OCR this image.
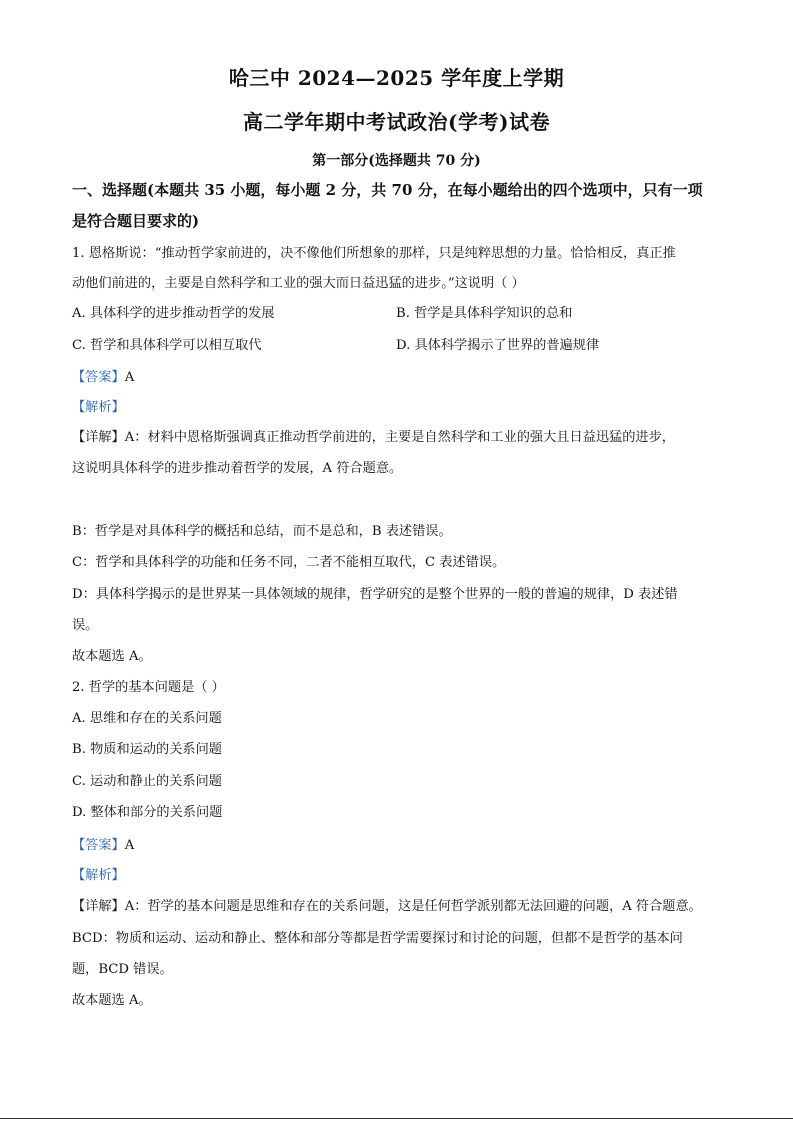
哈三中 2024—2025 学年度上学期
高二学年期中考试政治(学考)试卷
第一部分(选择题共 70 分)
一、选择题(本题共 35 小题，每小题 2 分，共 70 分，在每小题给出的四个选项中，只有一项
是符合题目要求的)
1. 恩格斯说：“推动哲学家前进的，决不像他们所想象的那样，只是纯粹思想的力量。恰恰相反，真正推
动他们前进的，主要是自然科学和工业的强大而日益迅猛的进步。”这说明（ ）
A. 具体科学的进步推动哲学的发展	B. 哲学是具体科学知识的总和
C. 哲学和具体科学可以相互取代	D. 具体科学揭示了世界的普遍规律
【答案】A
【解析】
【详解】A：材料中恩格斯强调真正推动哲学前进的，主要是自然科学和工业的强大且日益迅猛的进步，
这说明具体科学的进步推动着哲学的发展，A 符合题意。
B：哲学是对具体科学的概括和总结，而不是总和，B 表述错误。
C：哲学和具体科学的功能和任务不同，二者不能相互取代，C 表述错误。
D：具体科学揭示的是世界某一具体领域的规律，哲学研究的是整个世界的一般的普遍的规律，D 表述错
误。
故本题选 A。
2. 哲学的基本问题是（ ）
A. 思维和存在的关系问题
B. 物质和运动的关系问题
C. 运动和静止的关系问题
D. 整体和部分的关系问题
【答案】A
【解析】
【详解】A：哲学的基本问题是思维和存在的关系问题，这是任何哲学派别都无法回避的问题，A 符合题意。
BCD：物质和运动、运动和静止、整体和部分等都是哲学需要探讨和讨论的问题，但都不是哲学的基本问
题，BCD 错误。
故本题选 A。
